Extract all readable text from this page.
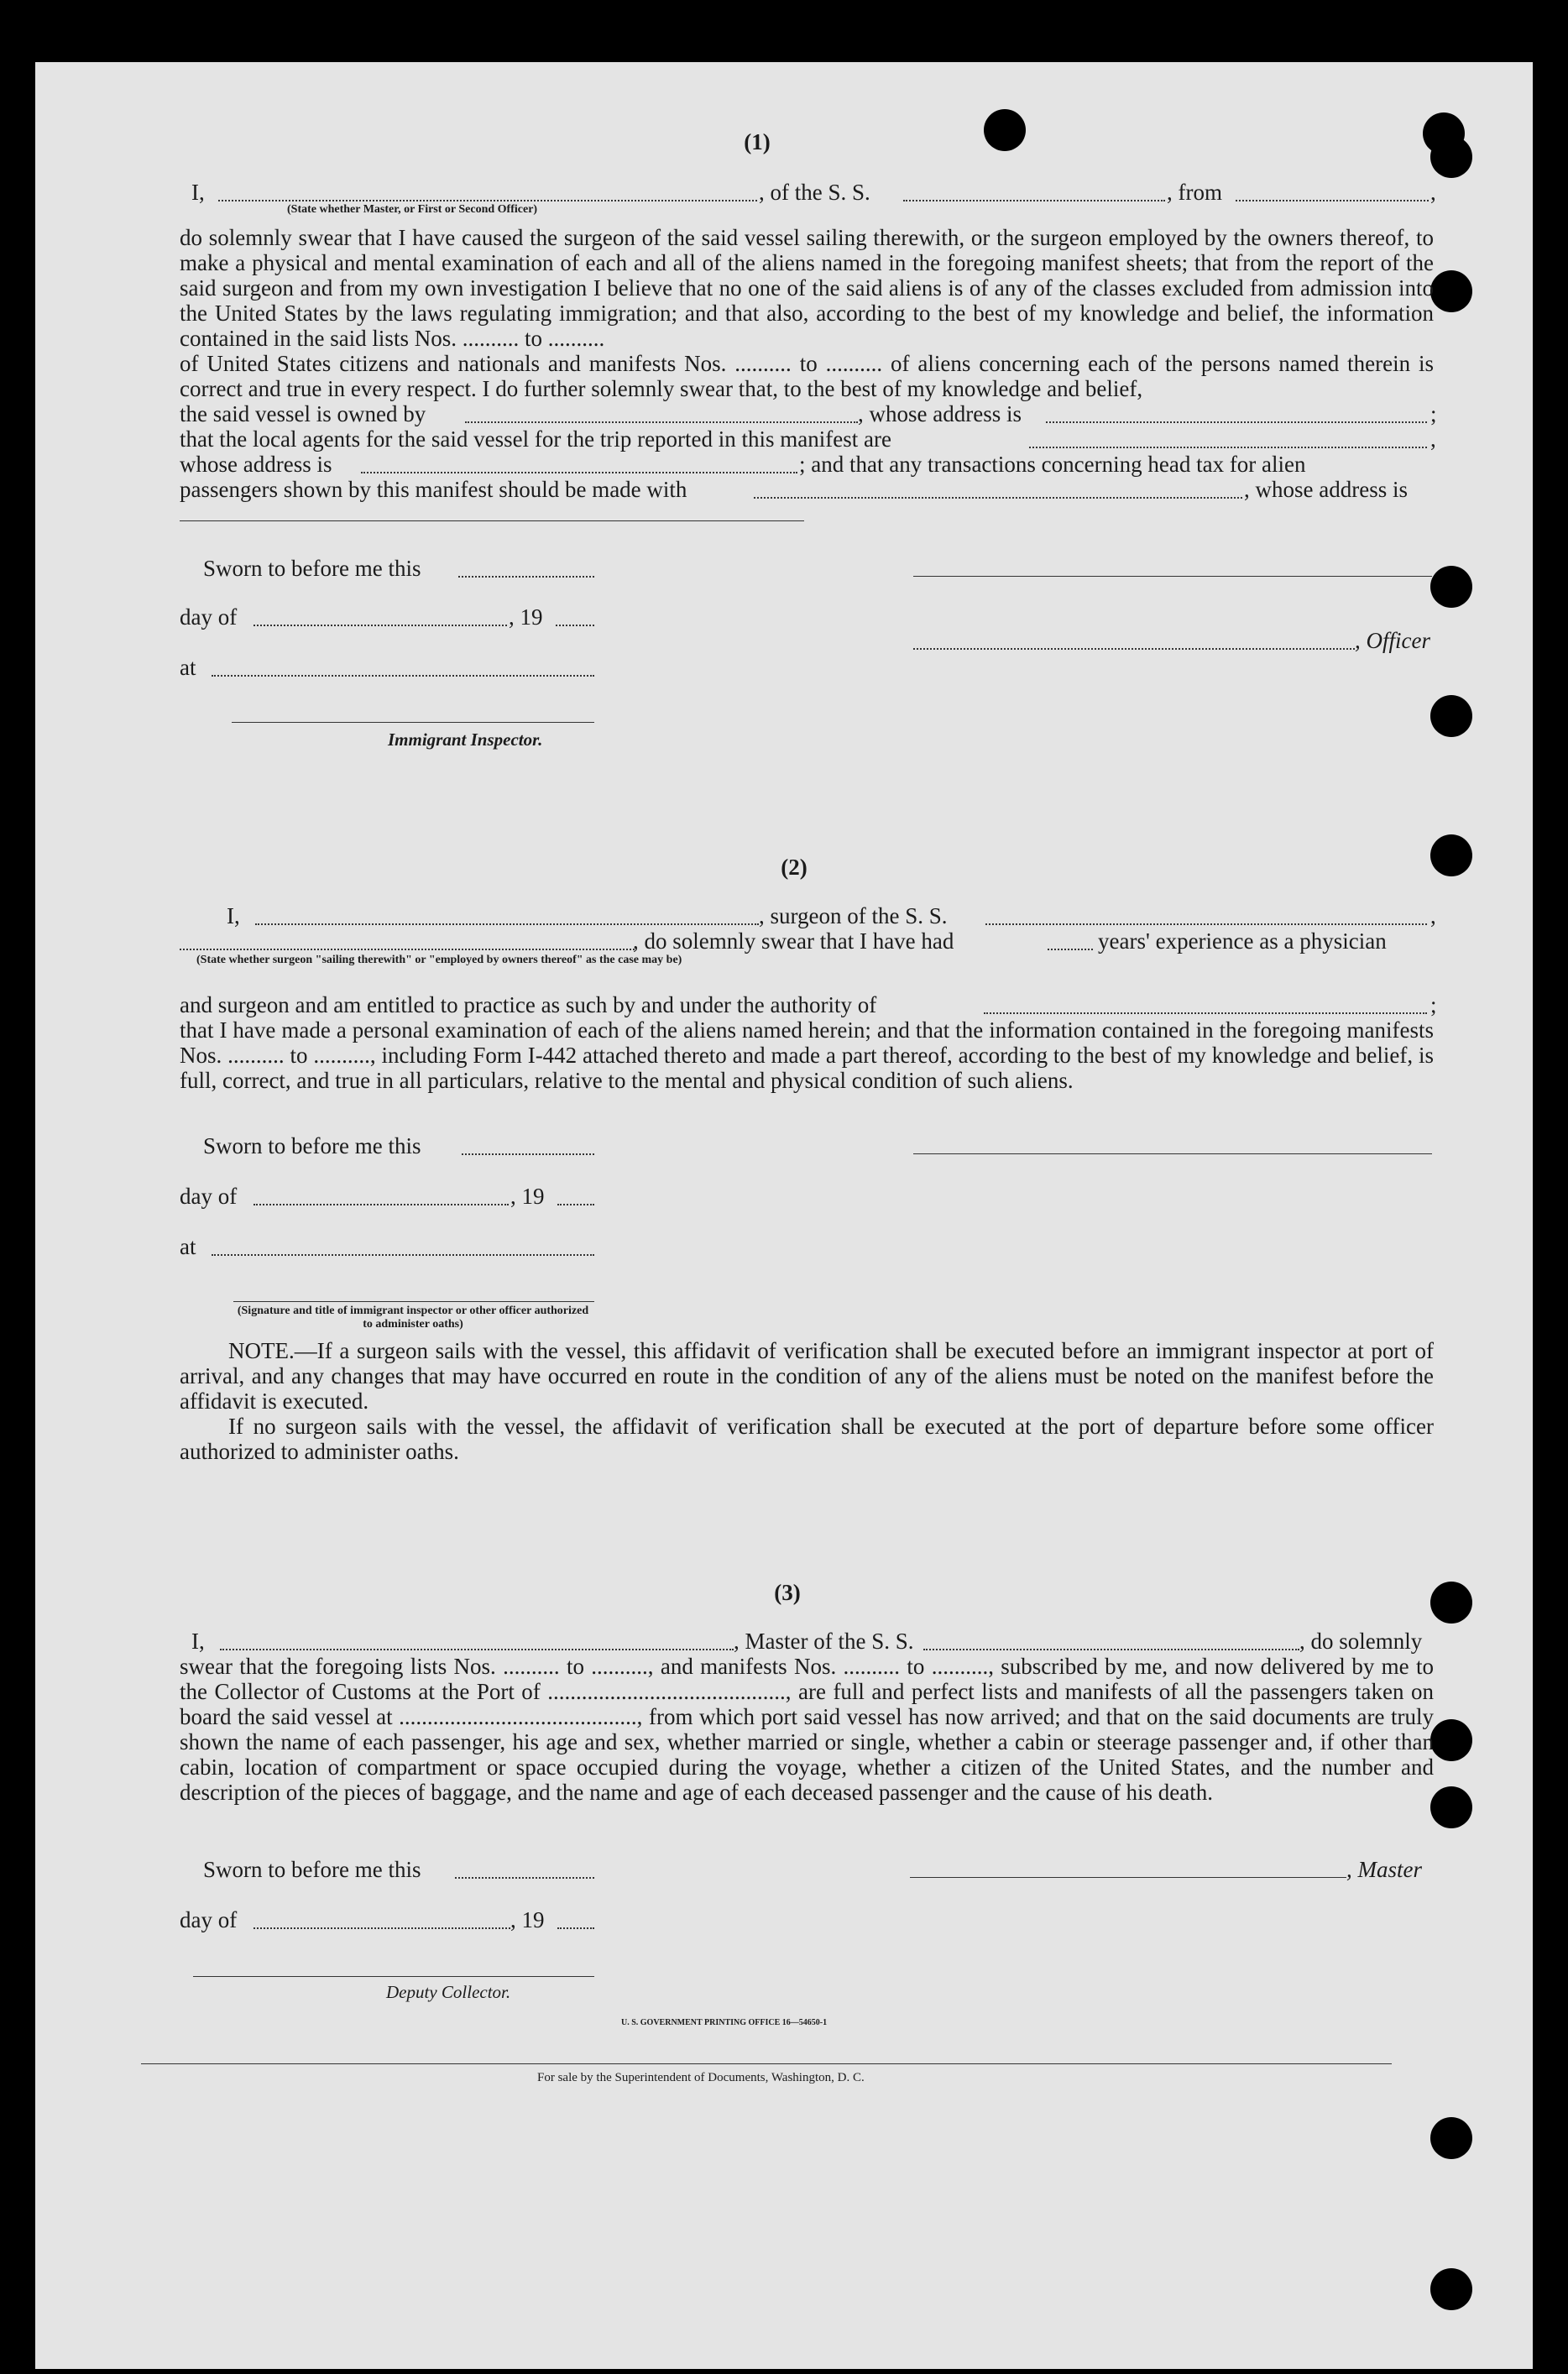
(1)
I,	, of the S. S.	, from	,
(State whether Master, or First or Second Officer)

do solemnly swear that I have caused the surgeon of the said vessel sailing therewith, or the surgeon employed by the owners thereof, to make a physical and mental examination of each and all of the aliens named in the foregoing manifest sheets; that from the report of the said surgeon and from my own investigation I believe that no one of the said aliens is of any of the classes excluded from admission into the United States by the laws regulating immigration; and that also, according to the best of my knowledge and belief, the information contained in the said lists Nos. .......... to ..........

of United States citizens and nationals and manifests Nos. .......... to .......... of aliens concerning each of the persons named therein is correct and true in every respect. I do further solemnly swear that, to the best of my knowledge and belief,

the said vessel is owned by	, whose address is	;
that the local agents for the said vessel for the trip reported in this manifest are	,
whose address is	; and that any transactions concerning head tax for alien
passengers shown by this manifest should be made with	, whose address is
Sworn to before me this
day of	, 19
, Officer
at
Immigrant Inspector.
(2)
I,	, surgeon of the S. S.	,
, do solemnly swear that I have had	years' experience as a physician
(State whether surgeon "sailing therewith" or "employed by owners thereof" as the case may be)
and surgeon and am entitled to practice as such by and under the authority of	;

that I have made a personal examination of each of the aliens named herein; and that the information contained in the foregoing manifests Nos. .......... to .........., including Form I-442 attached thereto and made a part thereof, according to the best of my knowledge and belief, is full, correct, and true in all particulars, relative to the mental and physical condition of such aliens.

Sworn to before me this
day of	, 19
at
(Signature and title of immigrant inspector or other officer authorized to administer oaths)

NOTE.—If a surgeon sails with the vessel, this affidavit of verification shall be executed before an immigrant inspector at port of arrival, and any changes that may have occurred en route in the condition of any of the aliens must be noted on the manifest before the affidavit is executed.

If no surgeon sails with the vessel, the affidavit of verification shall be executed at the port of departure before some officer authorized to administer oaths.

(3)
I,	, Master of the S. S.	, do solemnly

swear that the foregoing lists Nos. .......... to .........., and manifests Nos. .......... to .........., subscribed by me, and now delivered by me to the Collector of Customs at the Port of .........................................., are full and perfect lists and manifests of all the passengers taken on board the said vessel at .........................................., from which port said vessel has now arrived; and that on the said documents are truly shown the name of each passenger, his age and sex, whether married or single, whether a cabin or steerage passenger and, if other than cabin, location of compartment or space occupied during the voyage, whether a citizen of the United States, and the number and description of the pieces of baggage, and the name and age of each deceased passenger and the cause of his death.

Sworn to before me this	, Master
day of	, 19
Deputy Collector.
U. S. GOVERNMENT PRINTING OFFICE 16—54650-1
For sale by the Superintendent of Documents, Washington, D. C.
